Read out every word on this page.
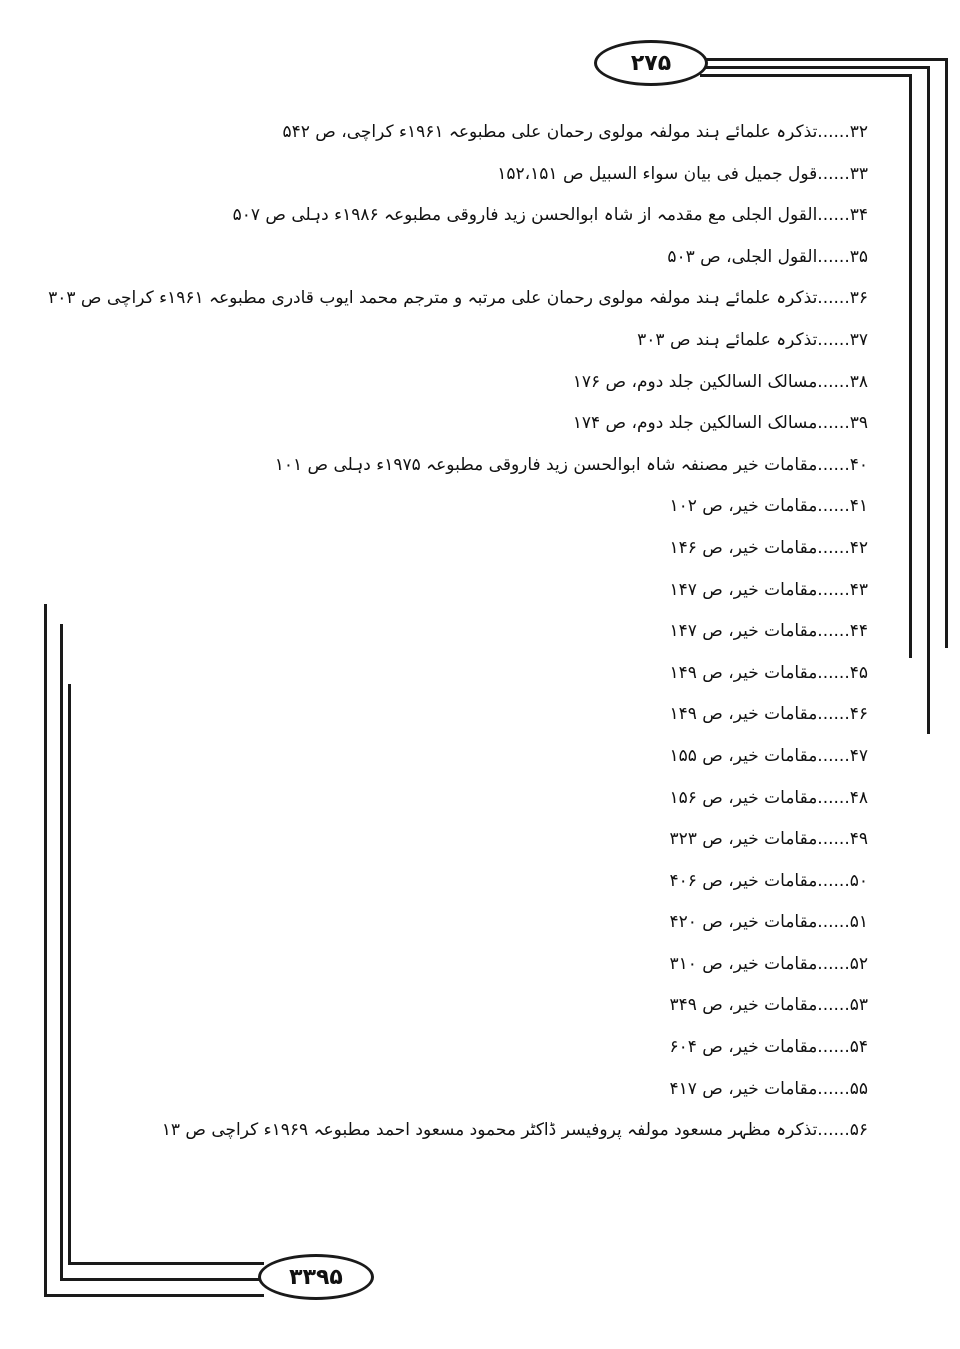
۲۷۵
۳۳۹۵
۳۲......تذکرہ علمائے ہند مولفہ مولوی رحمان علی مطبوعہ ۱۹۶۱ء کراچی، ص ۵۴۲
۳۳......قول جمیل فی بیان سواء السبیل ص ۱۵۲،۱۵۱
۳۴......القول الجلی مع مقدمہ از شاہ ابوالحسن زید فاروقی مطبوعہ ۱۹۸۶ء دہلی ص ۵۰۷
۳۵......القول الجلی، ص ۵۰۳
۳۶......تذکرہ علمائے ہند مولفہ مولوی رحمان علی مرتبہ و مترجم محمد ایوب قادری مطبوعہ ۱۹۶۱ء کراچی ص ۳۰۳
۳۷......تذکرہ علمائے ہند ص ۳۰۳
۳۸......مسالک السالکین جلد دوم، ص ۱۷۶
۳۹......مسالک السالکین جلد دوم، ص ۱۷۴
۴۰......مقامات خیر مصنفہ شاہ ابوالحسن زید فاروقی مطبوعہ ۱۹۷۵ء دہلی ص ۱۰۱
۴۱......مقامات خیر، ص ۱۰۲
۴۲......مقامات خیر، ص ۱۴۶
۴۳......مقامات خیر، ص ۱۴۷
۴۴......مقامات خیر، ص ۱۴۷
۴۵......مقامات خیر، ص ۱۴۹
۴۶......مقامات خیر، ص ۱۴۹
۴۷......مقامات خیر، ص ۱۵۵
۴۸......مقامات خیر، ص ۱۵۶
۴۹......مقامات خیر، ص ۳۲۳
۵۰......مقامات خیر، ص ۴۰۶
۵۱......مقامات خیر، ص ۴۲۰
۵۲......مقامات خیر، ص ۳۱۰
۵۳......مقامات خیر، ص ۳۴۹
۵۴......مقامات خیر، ص ۶۰۴
۵۵......مقامات خیر، ص ۴۱۷
۵۶......تذکرہ مظہر مسعود مولفہ پروفیسر ڈاکٹر محمود مسعود احمد مطبوعہ ۱۹۶۹ء کراچی ص ۱۳
